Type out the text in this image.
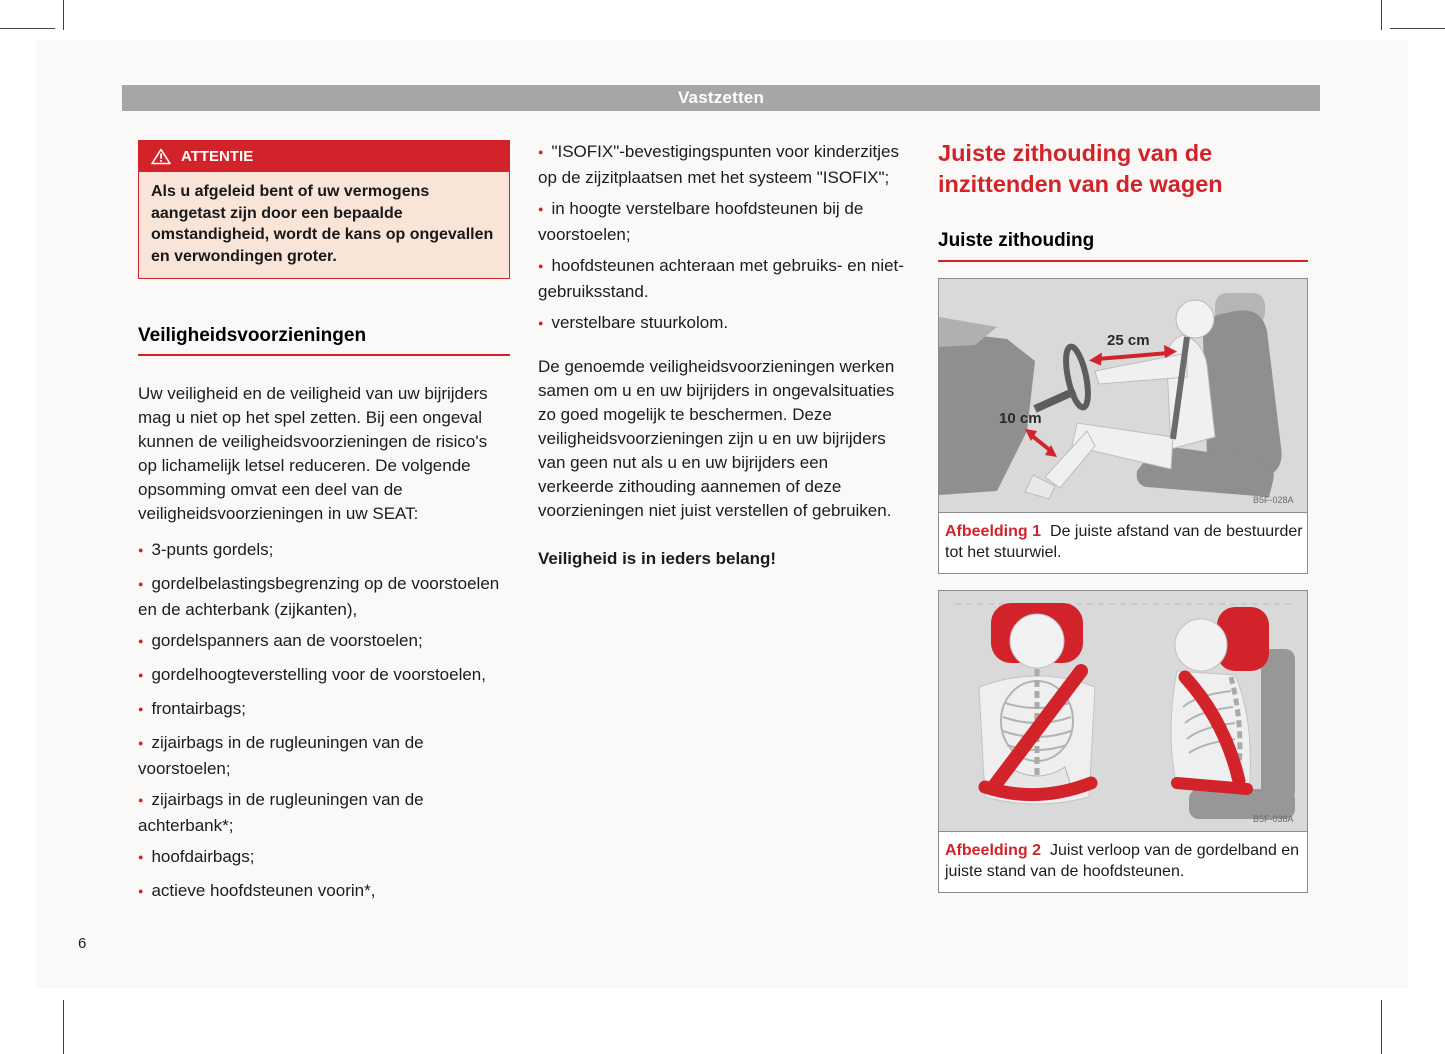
Vastzetten
ATTENTIE
Als u afgeleid bent of uw vermogens aangetast zijn door een bepaalde omstandigheid, wordt de kans op ongevallen en verwondingen groter.
Veiligheidsvoorzieningen

Uw veiligheid en de veiligheid van uw bijrijders mag u niet op het spel zetten. Bij een ongeval kunnen de veiligheidsvoorzieningen de risico's op lichamelijk letsel reduceren. De volgende opsomming omvat een deel van de veiligheidsvoorzieningen in uw SEAT:

● 3-punts gordels;
● gordelbelastingsbegrenzing op de voorstoelen en de achterbank (zijkanten),
● gordelspanners aan de voorstoelen;
● gordelhoogteverstelling voor de voorstoelen,
● frontairbags;
● zijairbags in de rugleuningen van de voorstoelen;
● zijairbags in de rugleuningen van de achterbank*;
● hoofdairbags;
● actieve hoofdsteunen voorin*,
● "ISOFIX"-bevestigingspunten voor kinderzitjes op de zijzitplaatsen met het systeem "ISOFIX";
● in hoogte verstelbare hoofdsteunen bij de voorstoelen;
● hoofdsteunen achteraan met gebruiks- en niet-gebruiksstand.
● verstelbare stuurkolom.

De genoemde veiligheidsvoorzieningen werken samen om u en uw bijrijders in ongevalsituaties zo goed mogelijk te beschermen. Deze veiligheidsvoorzieningen zijn u en uw bijrijders van geen nut als u en uw bijrijders een verkeerde zithouding aannemen of deze voorzieningen niet juist verstellen of gebruiken.

Veiligheid is in ieders belang!

Juiste zithouding van de inzittenden van de wagen
Juiste zithouding
25 cm
10 cm
B5F-028A
Afbeelding 1 De juiste afstand van de bestuurder tot het stuurwiel.
B5F-038A
Afbeelding 2 Juist verloop van de gordelband en juiste stand van de hoofdsteunen.
6
